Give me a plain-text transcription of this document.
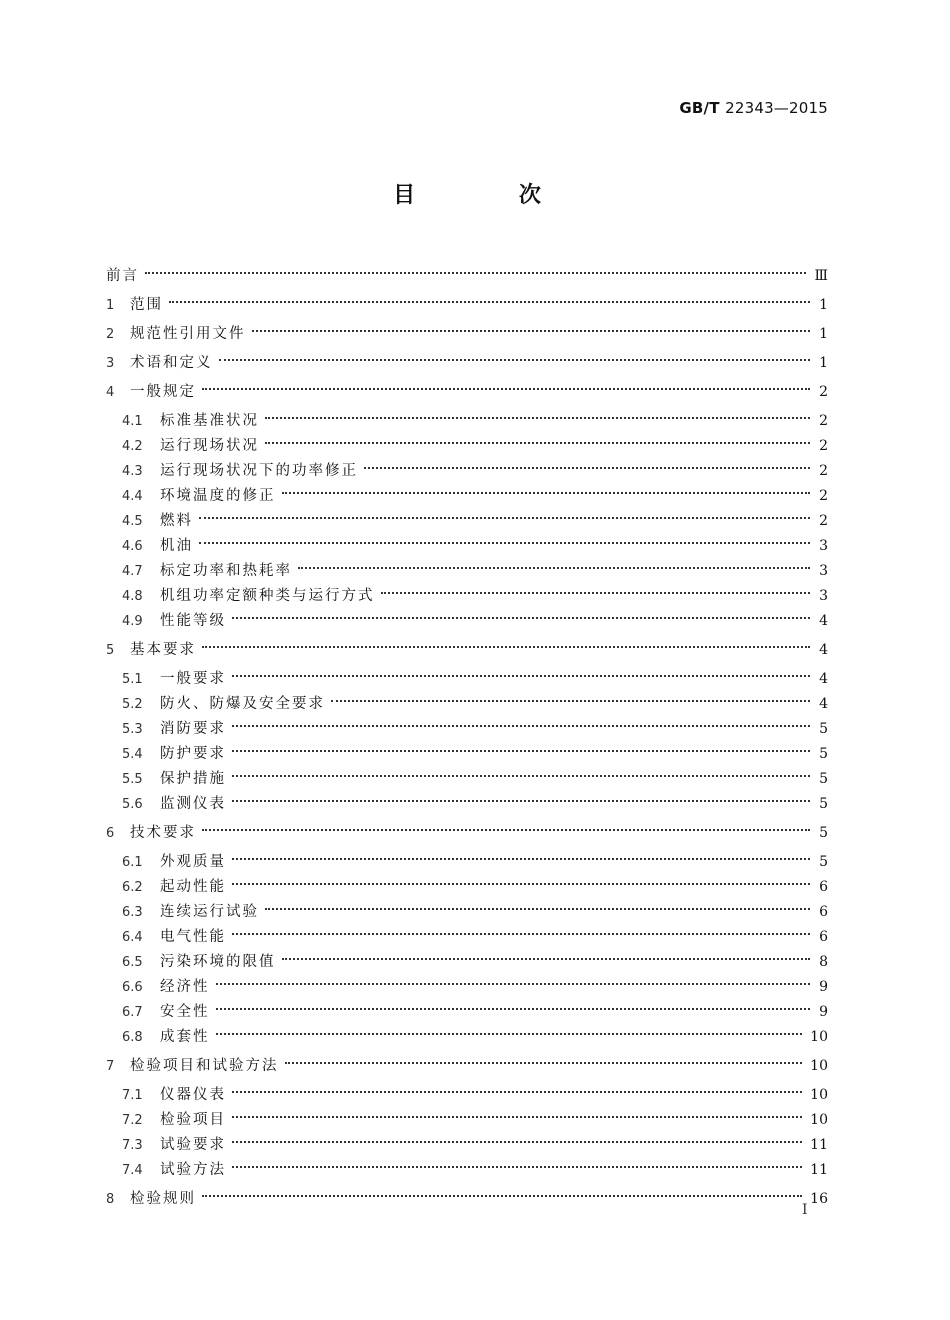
GB/T 22343—2015
目 次
前言	Ⅲ
1	范围	1
2	规范性引用文件	1
3	术语和定义	1
4	一般规定	2
4.1	标准基准状况	2
4.2	运行现场状况	2
4.3	运行现场状况下的功率修正	2
4.4	环境温度的修正	2
4.5	燃料	2
4.6	机油	3
4.7	标定功率和热耗率	3
4.8	机组功率定额种类与运行方式	3
4.9	性能等级	4
5	基本要求	4
5.1	一般要求	4
5.2	防火、防爆及安全要求	4
5.3	消防要求	5
5.4	防护要求	5
5.5	保护措施	5
5.6	监测仪表	5
6	技术要求	5
6.1	外观质量	5
6.2	起动性能	6
6.3	连续运行试验	6
6.4	电气性能	6
6.5	污染环境的限值	8
6.6	经济性	9
6.7	安全性	9
6.8	成套性	10
7	检验项目和试验方法	10
7.1	仪器仪表	10
7.2	检验项目	10
7.3	试验要求	11
7.4	试验方法	11
8	检验规则	16
Ⅰ
